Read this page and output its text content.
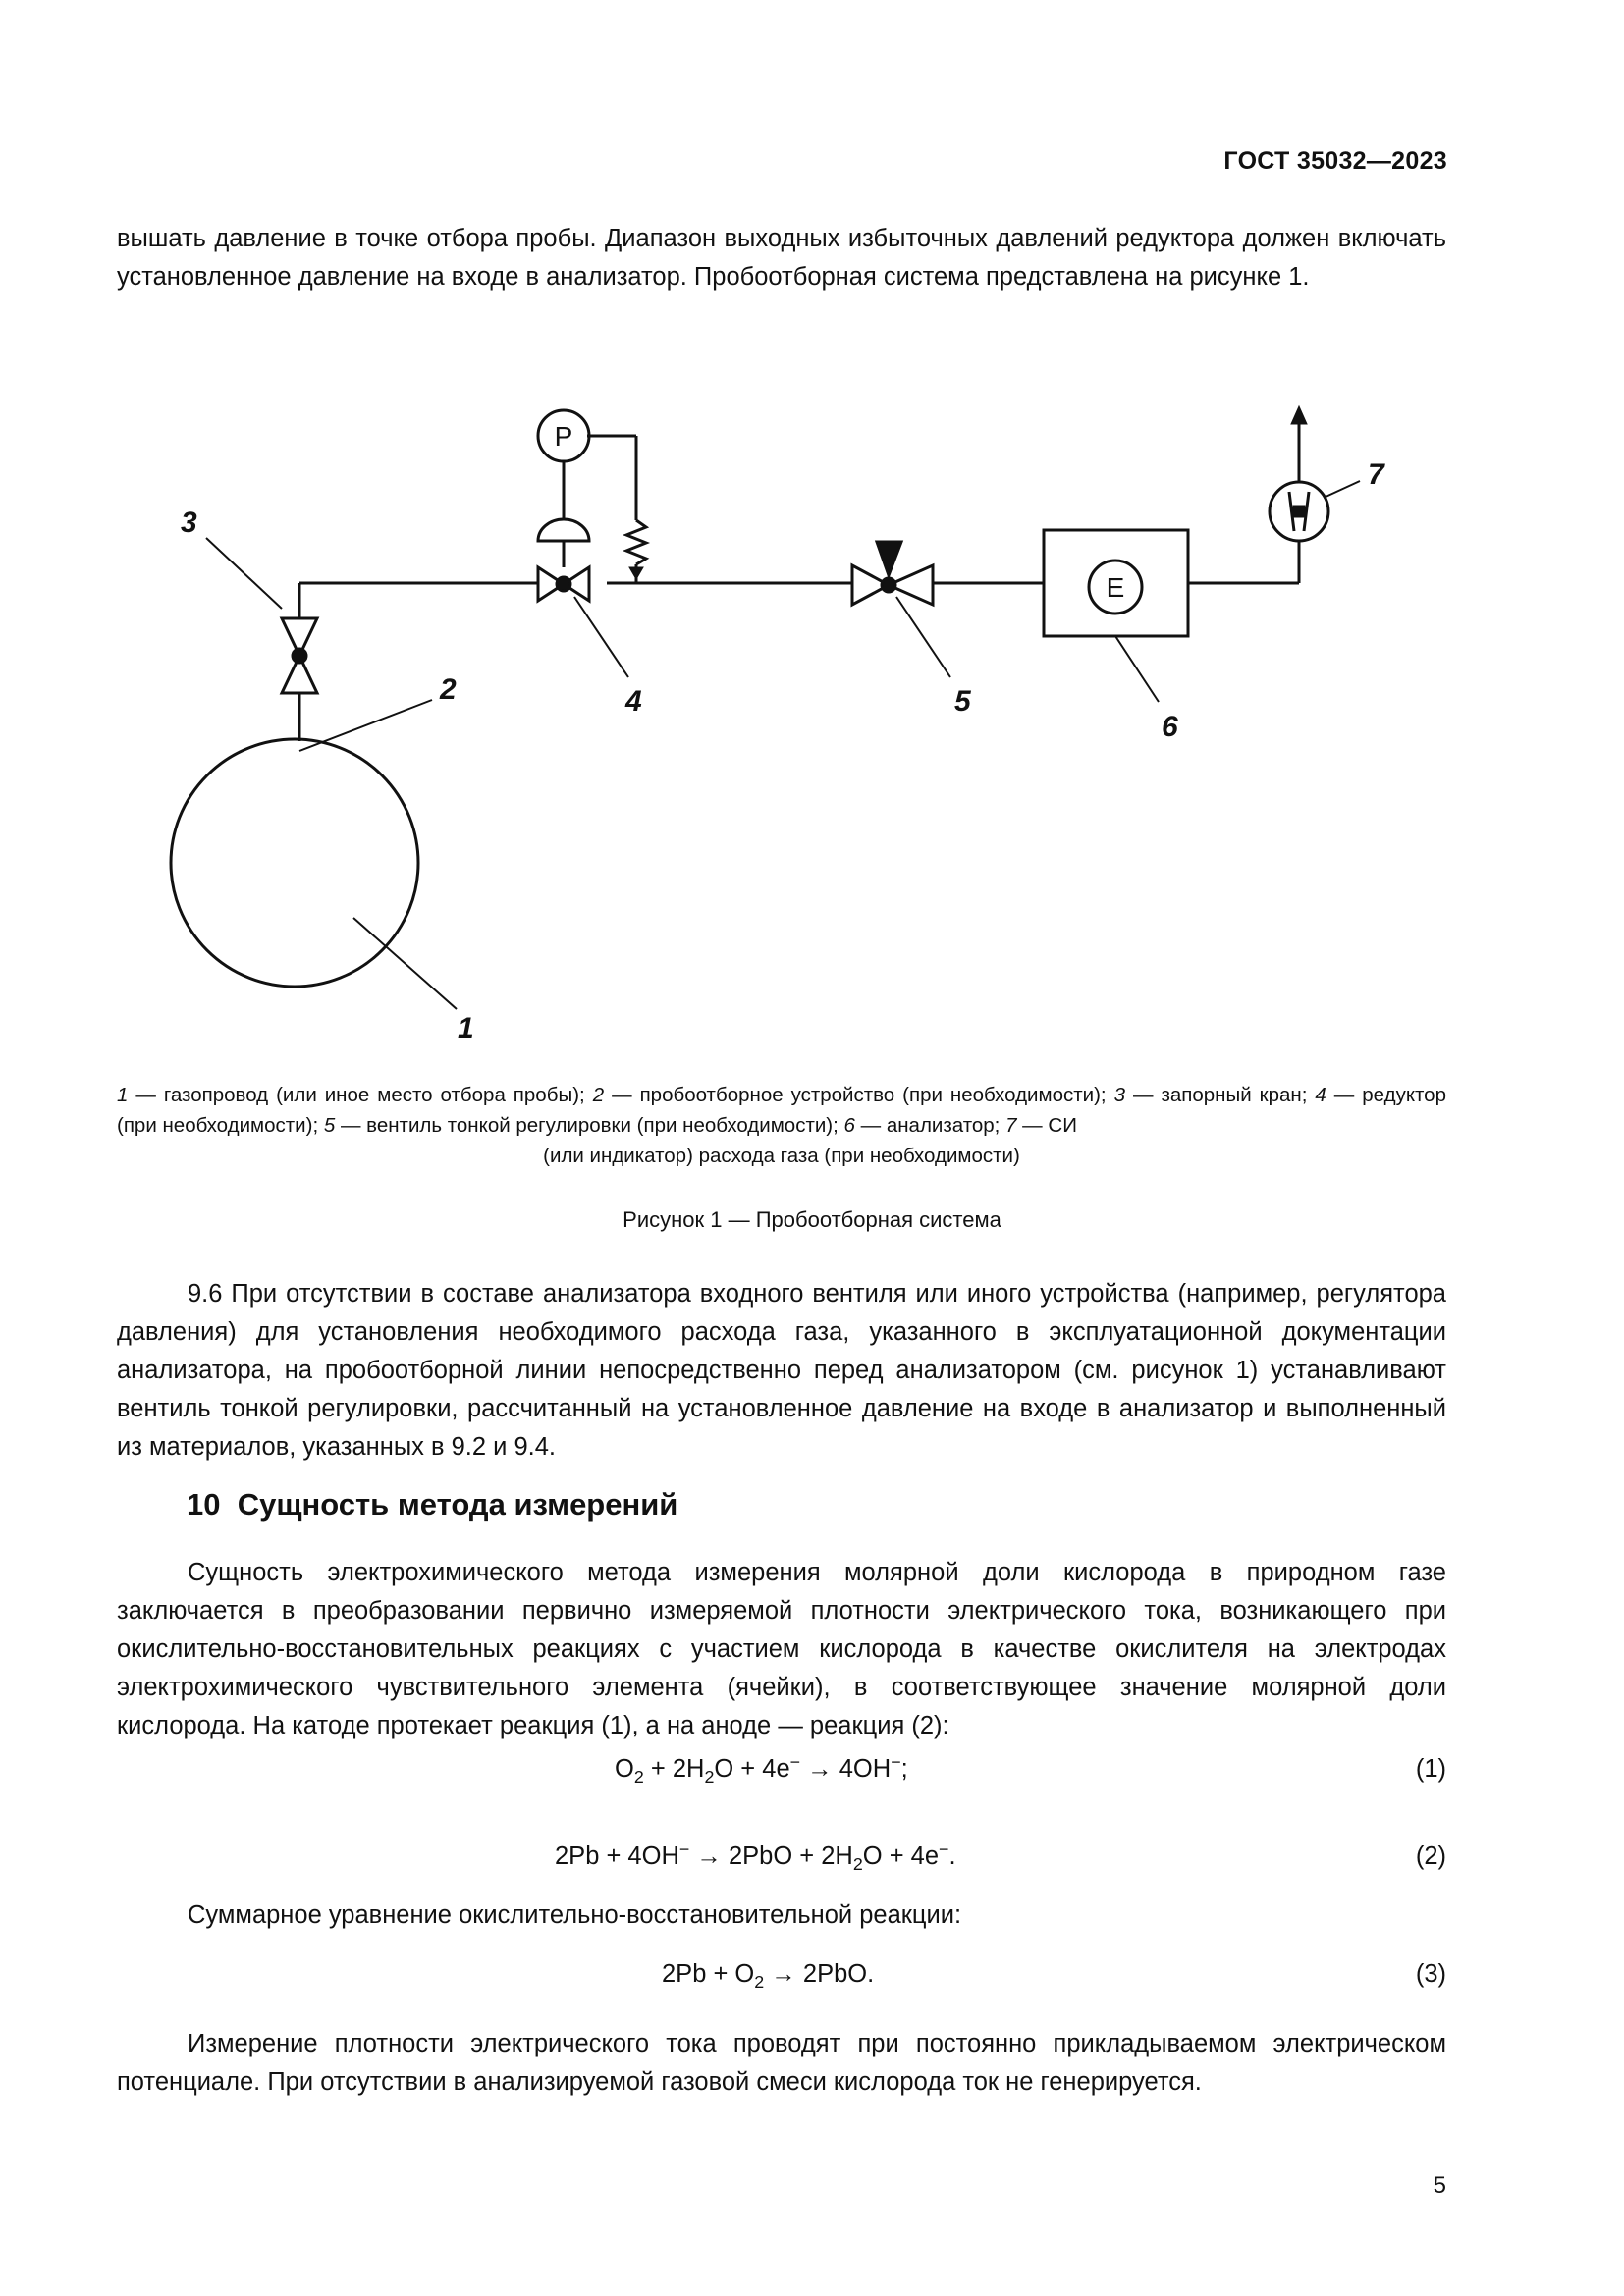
ГОСТ 35032—2023
вышать давление в точке отбора пробы. Диапазон выходных избыточных давлений редуктора должен включать установленное давление на входе в анализатор. Пробоотборная система представлена на рисунке 1.
3
2
1
4	5
6
7
P
E
1 — газопровод (или иное место отбора пробы); 2 — пробоотборное устройство (при необходимости); 3 — запорный кран; 4 — редуктор (при необходимости); 5 — вентиль тонкой регулировки (при необходимости); 6 — анализатор; 7 — СИ
(или индикатор) расхода газа (при необходимости)
Рисунок 1 — Пробоотборная система
9.6 При отсутствии в составе анализатора входного вентиля или иного устройства (например, регулятора давления) для установления необходимого расхода газа, указанного в эксплуатационной документации анализатора, на пробоотборной линии непосредственно перед анализатором (см. рисунок 1) устанавливают вентиль тонкой регулировки, рассчитанный на установленное давление на входе в анализатор и выполненный из материалов, указанных в 9.2 и 9.4.
10 Сущность метода измерений
Сущность электрохимического метода измерения молярной доли кислорода в природном газе заключается в преобразовании первично измеряемой плотности электрического тока, возникающего при окислительно-восстановительных реакциях с участием кислорода в качестве окислителя на электродах электрохимического чувствительного элемента (ячейки), в соответствующее значение молярной доли кислорода. На катоде протекает реакция (1), а на аноде — реакция (2):
$O_2 + 2H_2O + 4e^- \to 4OH^-$;	(1)
$2Pb + 4OH^- \to 2PbO + 2H_2O + 4e^-$.	(2)
Суммарное уравнение окислительно-восстановительной реакции:
$2Pb + O_2 \to 2PbO$.	(3)
Измерение плотности электрического тока проводят при постоянно прикладываемом электрическом потенциале. При отсутствии в анализируемой газовой смеси кислорода ток не генерируется.
5
